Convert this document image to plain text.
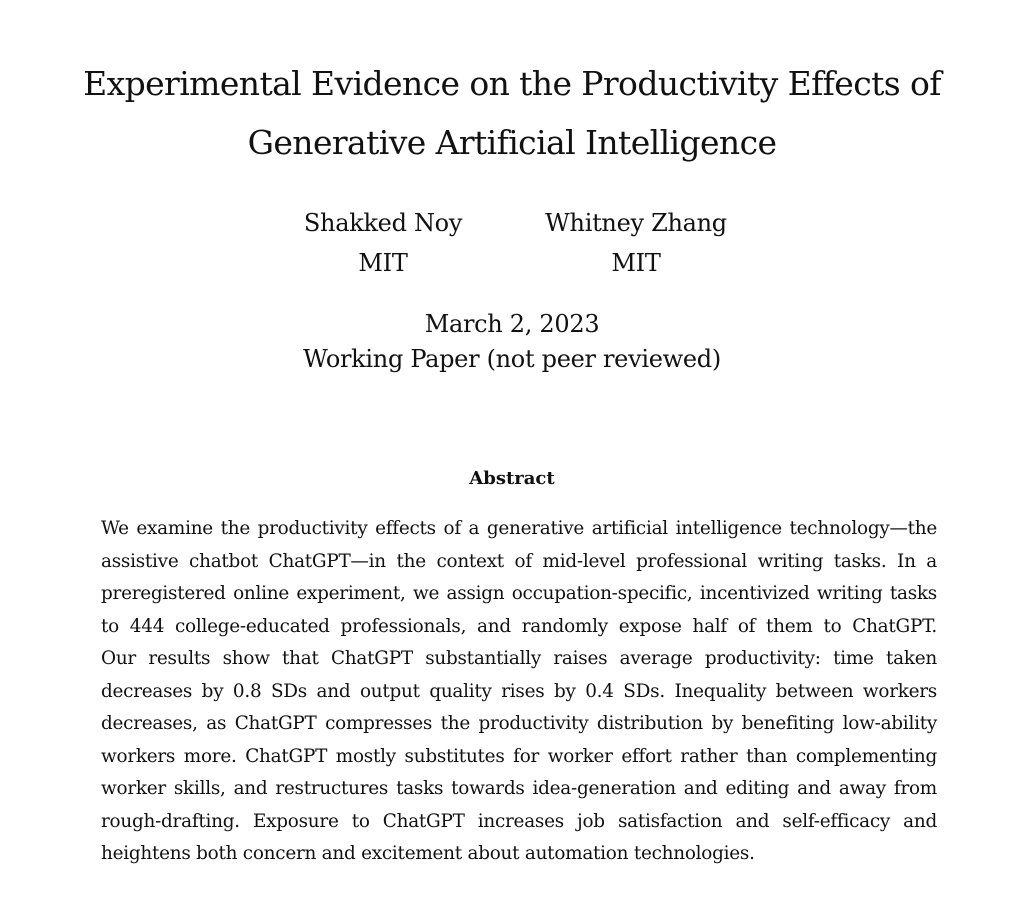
Experimental Evidence on the Productivity Effects of
Generative Artificial Intelligence
Shakked Noy
MIT
Whitney Zhang
MIT
March 2, 2023
Working Paper (not peer reviewed)
Abstract
We examine the productivity effects of a generative artificial intelligence technology—the
assistive chatbot ChatGPT—in the context of mid-level professional writing tasks. In a
preregistered online experiment, we assign occupation-specific, incentivized writing tasks
to 444 college-educated professionals, and randomly expose half of them to ChatGPT.
Our results show that ChatGPT substantially raises average productivity: time taken
decreases by 0.8 SDs and output quality rises by 0.4 SDs. Inequality between workers
decreases, as ChatGPT compresses the productivity distribution by benefiting low-ability
workers more. ChatGPT mostly substitutes for worker effort rather than complementing
worker skills, and restructures tasks towards idea-generation and editing and away from
rough-drafting. Exposure to ChatGPT increases job satisfaction and self-efficacy and
heightens both concern and excitement about automation technologies.
